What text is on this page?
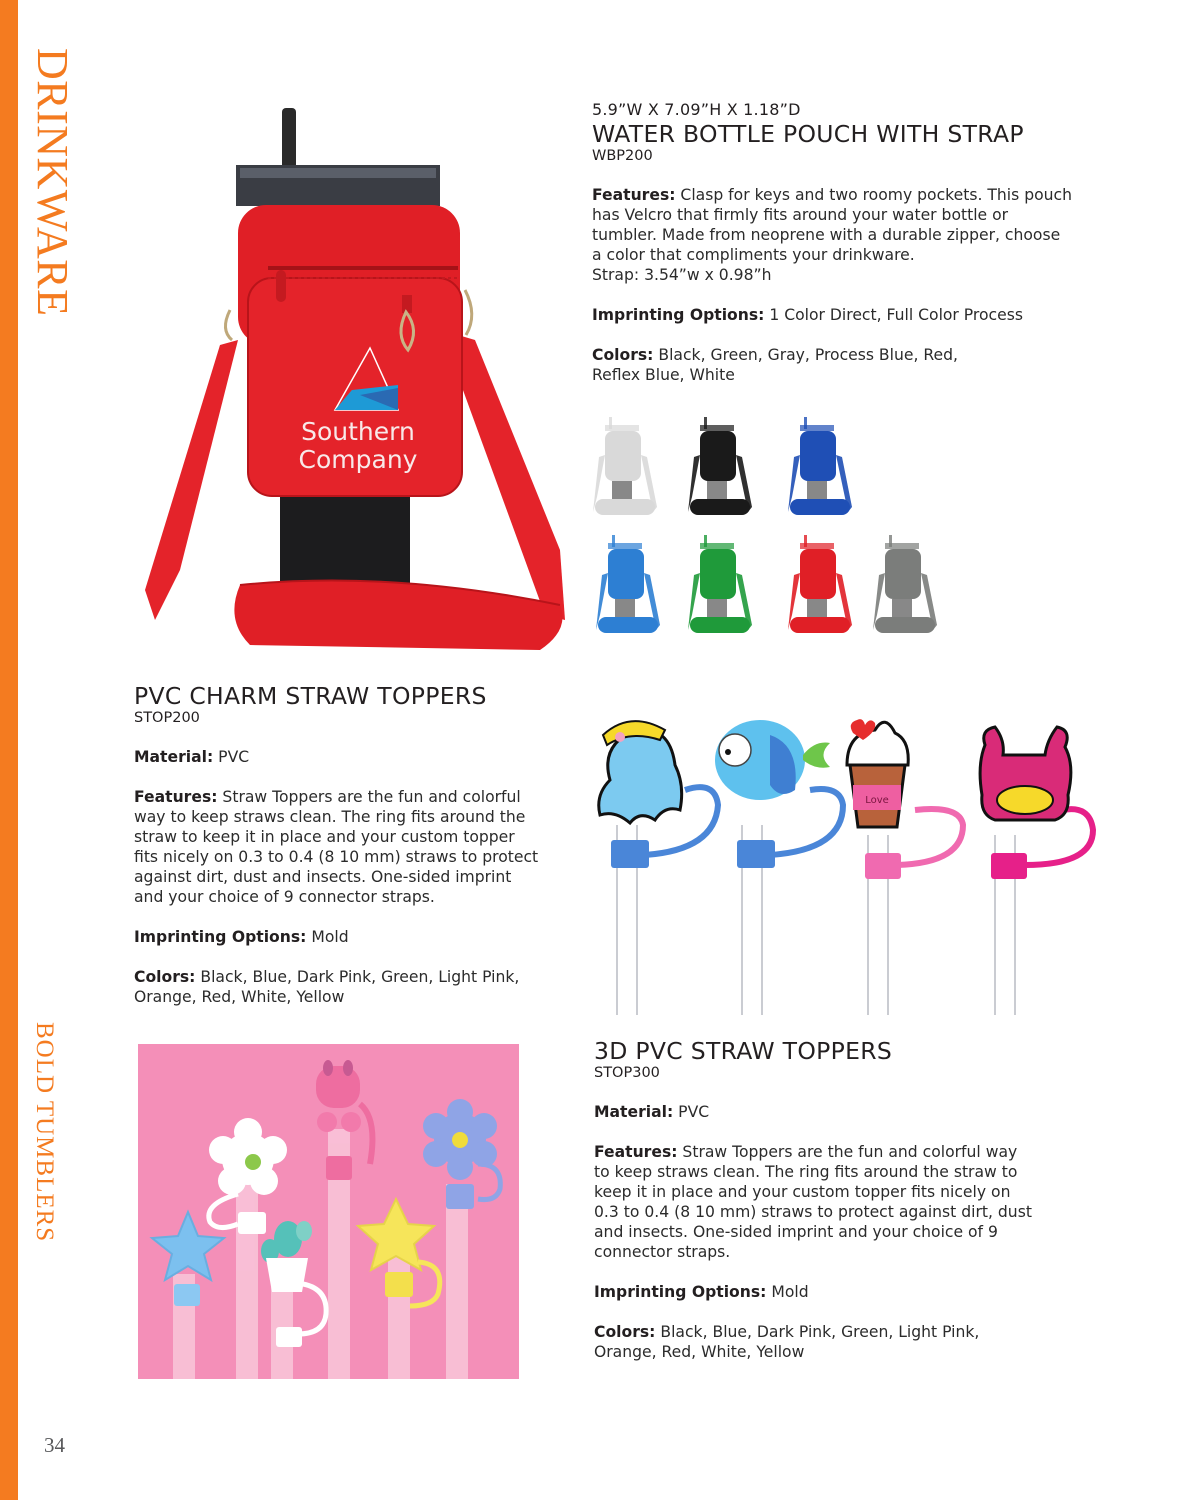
DRINKWARE
BOLD TUMBLERS
34
Southern
Company
5.9”W X 7.09”H X 1.18”D
WATER BOTTLE POUCH WITH STRAP
WBP200
Features: Clasp for keys and two roomy pockets. This pouch
has Velcro that firmly fits around your water bottle or
tumbler. Made from neoprene with a durable zipper, choose
a color that compliments your drinkware.
Strap: 3.54”w x 0.98”h
Imprinting Options: 1 Color Direct, Full Color Process
Colors: Black, Green, Gray, Process Blue, Red,
Reflex Blue, White
PVC CHARM STRAW TOPPERS
STOP200
Material: PVC
Features: Straw Toppers are the fun and colorful
way to keep straws clean. The ring fits around the
straw to keep it in place and your custom topper
fits nicely on 0.3 to 0.4 (8 10 mm) straws to protect
against dirt, dust and insects. One-sided imprint
and your choice of 9 connector straps.
Imprinting Options: Mold
Colors: Black, Blue, Dark Pink, Green, Light Pink,
Orange, Red, White, Yellow
Love
3D PVC STRAW TOPPERS
STOP300
Material: PVC
Features: Straw Toppers are the fun and colorful way
to keep straws clean. The ring fits around the straw to
keep it in place and your custom topper fits nicely on
0.3 to 0.4 (8 10 mm) straws to protect against dirt, dust
and insects. One-sided imprint and your choice of 9
connector straps.
Imprinting Options: Mold
Colors: Black, Blue, Dark Pink, Green, Light Pink,
Orange, Red, White, Yellow
